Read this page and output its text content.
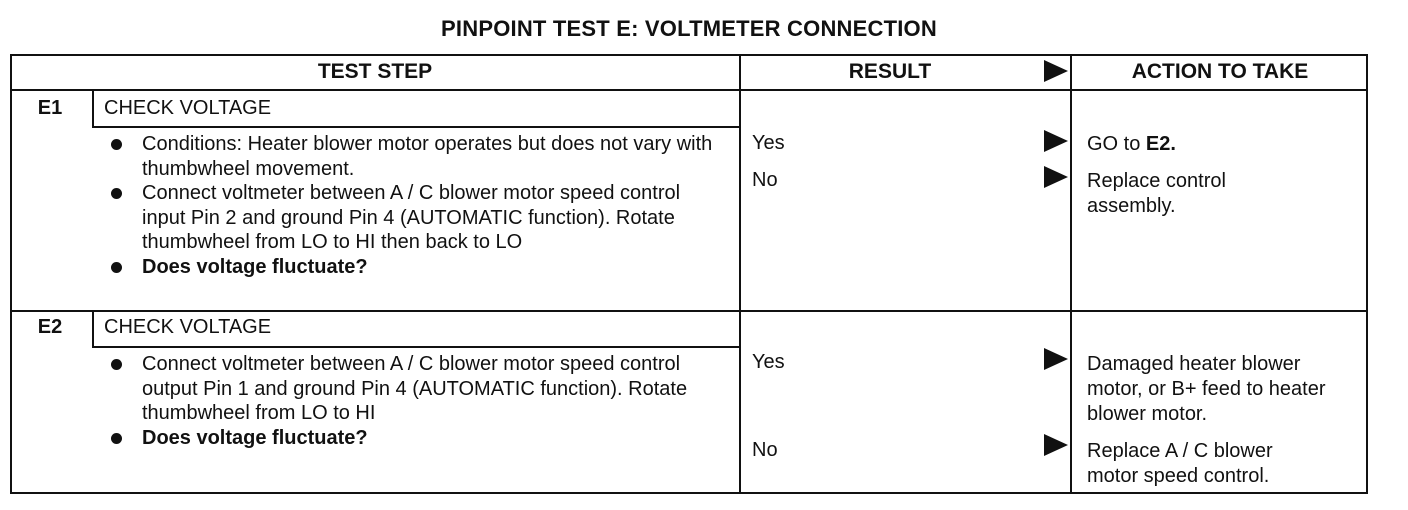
PINPOINT TEST E: VOLTMETER CONNECTION
TEST STEP	RESULT	ACTION TO TAKE
E1	CHECK VOLTAGE
Conditions: Heater blower motor operates but does not vary with thumbwheel movement.
Connect voltmeter between A / C blower motor speed control input Pin 2 and ground Pin 4 (AUTOMATIC function). Rotate thumbwheel from LO to HI then back to LO
Does voltage fluctuate?
Yes	GO to E2.
No	Replace control assembly.
E2	CHECK VOLTAGE
Connect voltmeter between A / C blower motor speed control output Pin 1 and ground Pin 4 (AUTOMATIC function). Rotate thumbwheel from LO to HI
Does voltage fluctuate?
Yes	Damaged heater blower motor, or B+ feed to heater blower motor.
No	Replace A / C blower motor speed control.
